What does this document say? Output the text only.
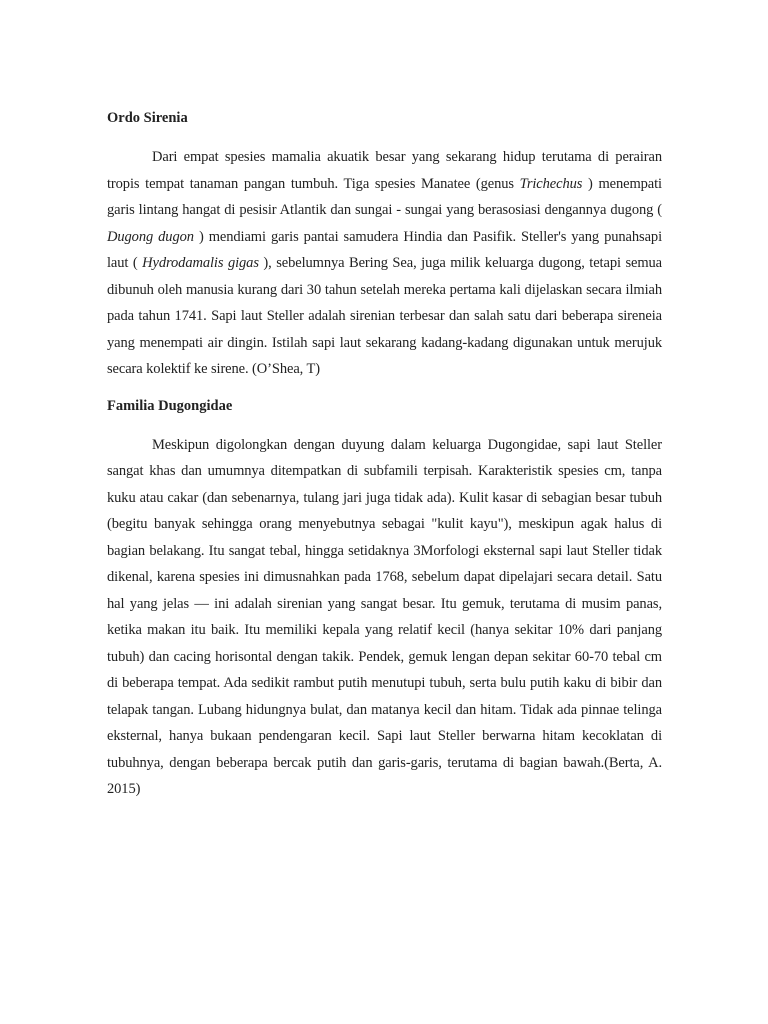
Ordo Sirenia

Dari empat spesies mamalia akuatik besar yang sekarang hidup terutama di perairan tropis tempat tanaman pangan tumbuh. Tiga spesies Manatee (genus Trichechus ) menempati garis lintang hangat di pesisir Atlantik dan sungai - sungai yang berasosiasi dengannya dugong ( Dugong dugon ) mendiami garis pantai samudera Hindia dan Pasifik. Steller's yang punahsapi laut ( Hydrodamalis gigas ), sebelumnya Bering Sea, juga milik keluarga dugong, tetapi semua dibunuh oleh manusia kurang dari 30 tahun setelah mereka pertama kali dijelaskan secara ilmiah pada tahun 1741. Sapi laut Steller adalah sirenian terbesar dan salah satu dari beberapa sireneia yang menempati air dingin. Istilah sapi laut sekarang kadang-kadang digunakan untuk merujuk secara kolektif ke sirene. (O’Shea, T)

Familia Dugongidae

Meskipun digolongkan dengan duyung dalam keluarga Dugongidae, sapi laut Steller sangat khas dan umumnya ditempatkan di subfamili terpisah. Karakteristik spesies cm, tanpa kuku atau cakar (dan sebenarnya, tulang jari juga tidak ada). Kulit kasar di sebagian besar tubuh (begitu banyak sehingga orang menyebutnya sebagai "kulit kayu"), meskipun agak halus di bagian belakang. Itu sangat tebal, hingga setidaknya 3Morfologi eksternal sapi laut Steller tidak dikenal, karena spesies ini dimusnahkan pada 1768, sebelum dapat dipelajari secara detail. Satu hal yang jelas — ini adalah sirenian yang sangat besar. Itu gemuk, terutama di musim panas, ketika makan itu baik. Itu memiliki kepala yang relatif kecil (hanya sekitar 10% dari panjang tubuh) dan cacing horisontal dengan takik. Pendek, gemuk lengan depan sekitar 60-70 tebal cm di beberapa tempat. Ada sedikit rambut putih menutupi tubuh, serta bulu putih kaku di bibir dan telapak tangan. Lubang hidungnya bulat, dan matanya kecil dan hitam. Tidak ada pinnae telinga eksternal, hanya bukaan pendengaran kecil. Sapi laut Steller berwarna hitam kecoklatan di tubuhnya, dengan beberapa bercak putih dan garis-garis, terutama di bagian bawah.(Berta, A. 2015)
